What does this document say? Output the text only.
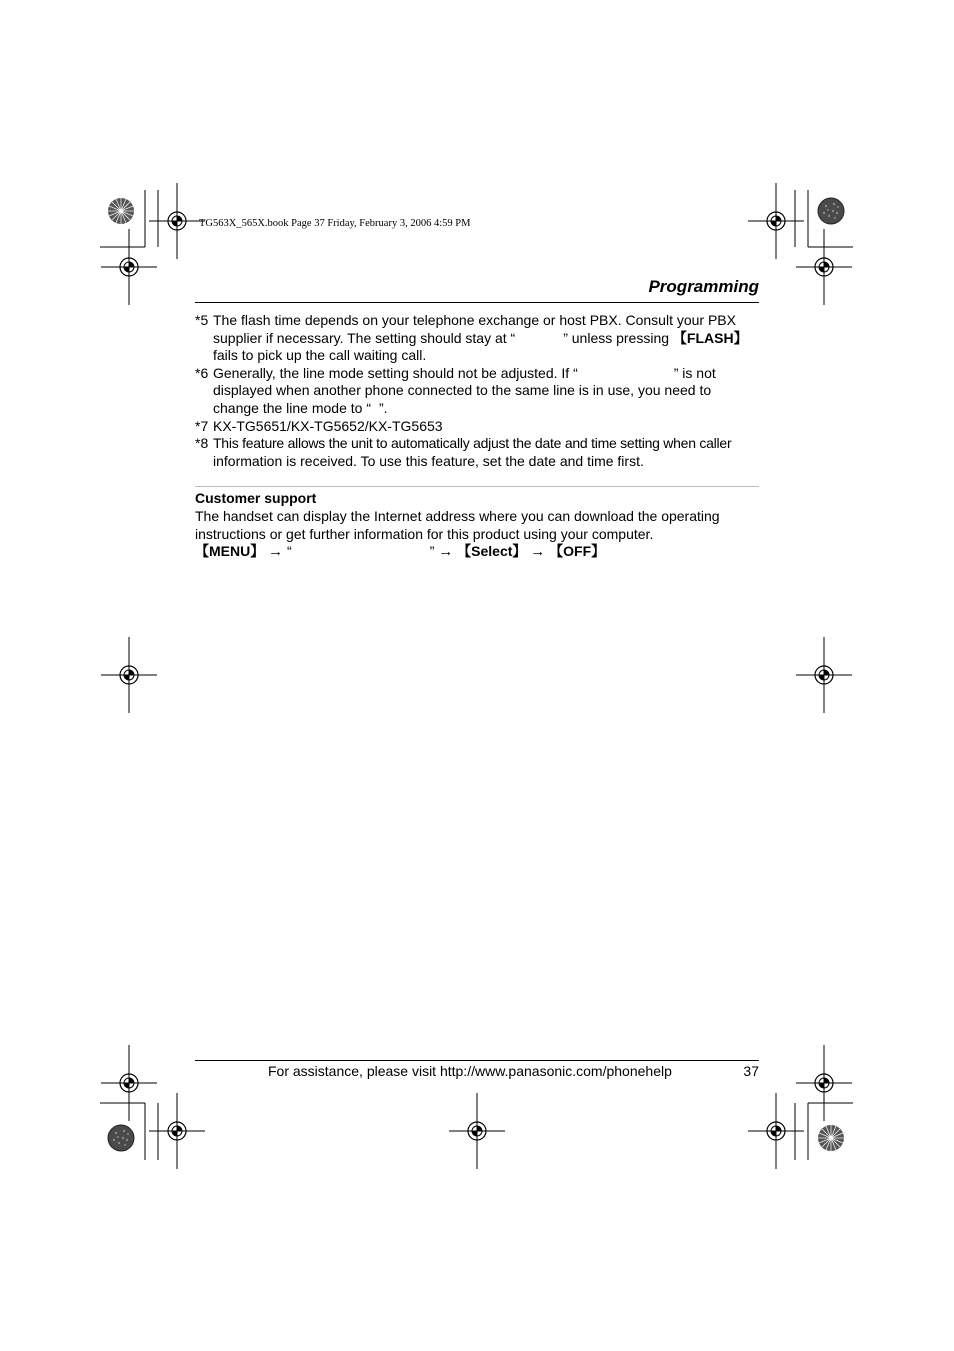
TG563X_565X.book Page 37 Friday, February 3, 2006 4:59 PM
Programming
*5 The flash time depends on your telephone exchange or host PBX. Consult your PBX
supplier if necessary. The setting should stay at “	” unless pressing 【FLASH】
fails to pick up the call waiting call.
*6 Generally, the line mode setting should not be adjusted. If “	” is not
displayed when another phone connected to the same line is in use, you need to
change the line mode to “ ”.
*7 KX-TG5651/KX-TG5652/KX-TG5653
*8 This feature allows the unit to automatically adjust the date and time setting when caller
information is received. To use this feature, set the date and time first.
Customer support
The handset can display the Internet address where you can download the operating
instructions or get further information for this product using your computer.
【MENU】 → “	” → 【Select】 → 【OFF】
For assistance, please visit http://www.panasonic.com/phonehelp	37
